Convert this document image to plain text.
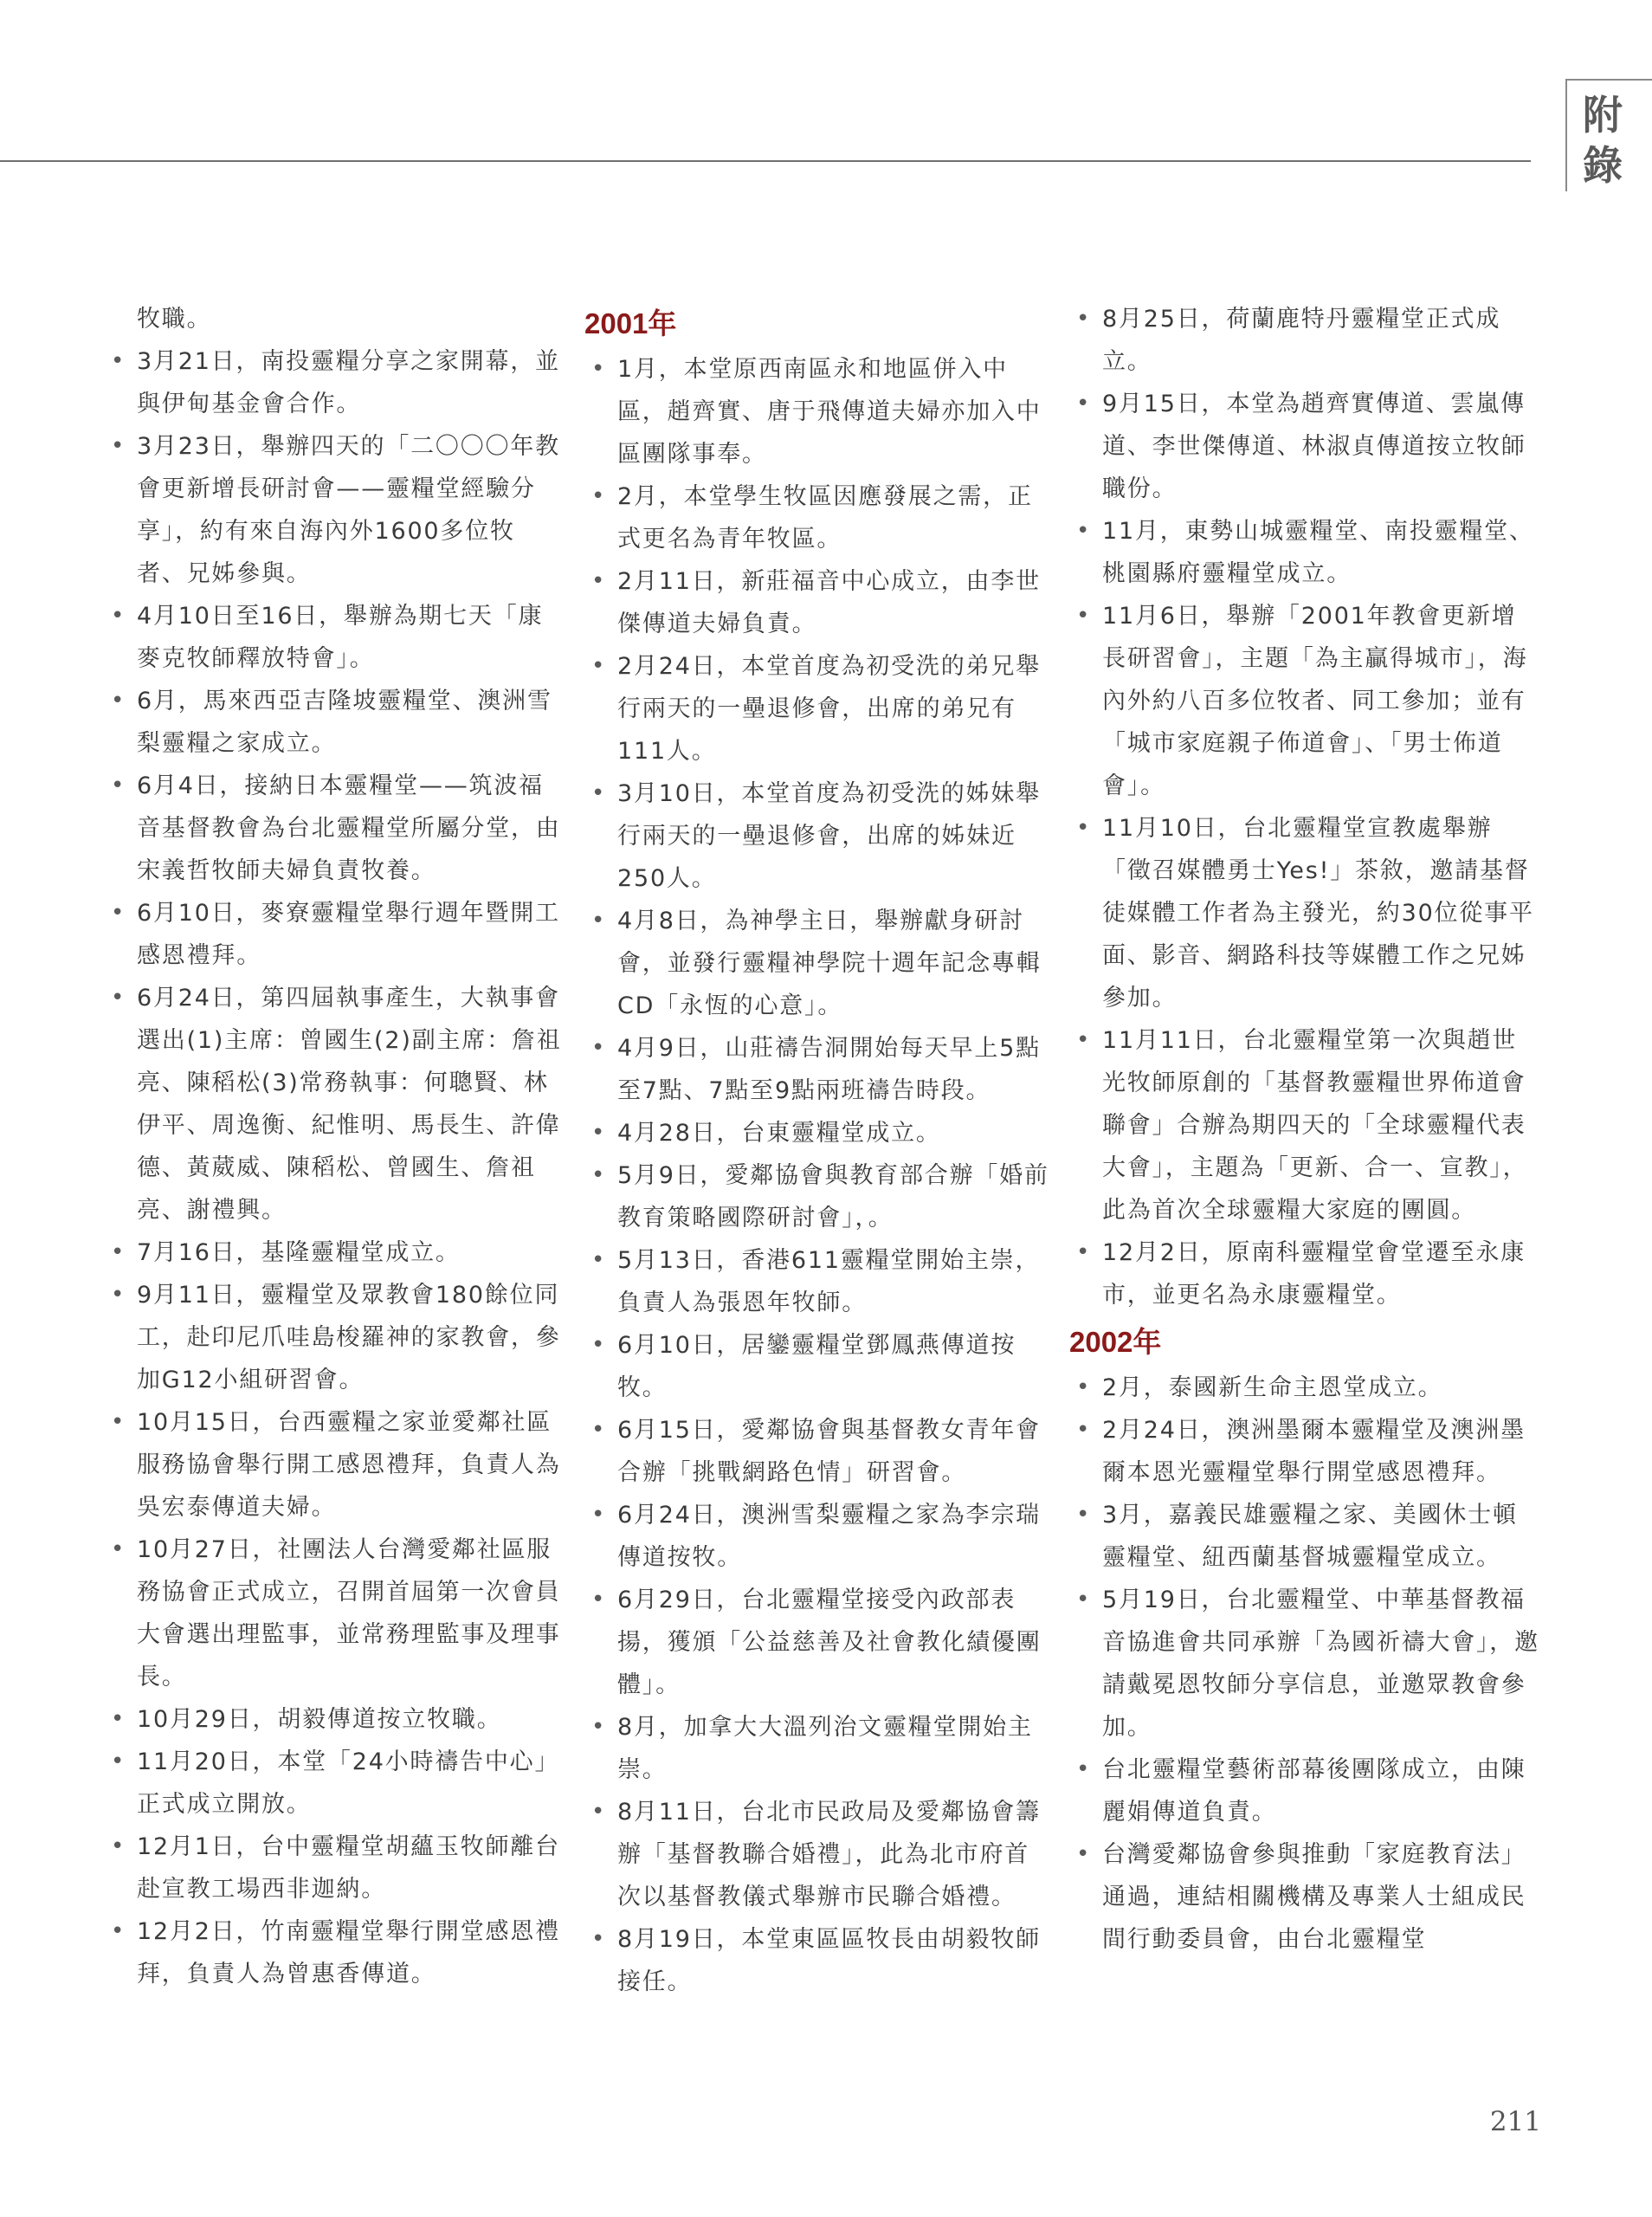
附
錄
牧職。
• 3月21日，南投靈糧分享之家開幕，並與伊甸基金會合作。
• 3月23日，舉辦四天的「二〇〇〇年教會更新增長研討會——靈糧堂經驗分享」，約有來自海內外1600多位牧者、兄姊參與。
• 4月10日至16日，舉辦為期七天「康麥克牧師釋放特會」。
• 6月，馬來西亞吉隆坡靈糧堂、澳洲雪梨靈糧之家成立。
• 6月4日，接納日本靈糧堂——筑波福音基督教會為台北靈糧堂所屬分堂，由宋義哲牧師夫婦負責牧養。
• 6月10日，麥寮靈糧堂舉行週年暨開工感恩禮拜。
• 6月24日，第四屆執事產生，大執事會選出(1)主席：曾國生(2)副主席：詹祖亮、陳稻松(3)常務執事：何聰賢、林伊平、周逸衡、紀惟明、馬長生、許偉德、黃葳威、陳稻松、曾國生、詹祖亮、謝禮興。
• 7月16日，基隆靈糧堂成立。
• 9月11日，靈糧堂及眾教會180餘位同工，赴印尼爪哇島梭羅神的家教會，參加G12小組研習會。
• 10月15日，台西靈糧之家並愛鄰社區服務協會舉行開工感恩禮拜，負責人為吳宏泰傳道夫婦。
• 10月27日，社團法人台灣愛鄰社區服務協會正式成立，召開首屆第一次會員大會選出理監事，並常務理監事及理事長。
• 10月29日，胡毅傳道按立牧職。
• 11月20日，本堂「24小時禱告中心」正式成立開放。
• 12月1日，台中靈糧堂胡蘊玉牧師離台赴宣教工場西非迦納。
• 12月2日，竹南靈糧堂舉行開堂感恩禮拜，負責人為曾惠香傳道。
2001年
• 1月，本堂原西南區永和地區併入中區，趙齊實、唐于飛傳道夫婦亦加入中區團隊事奉。
• 2月，本堂學生牧區因應發展之需，正式更名為青年牧區。
• 2月11日，新莊福音中心成立，由李世傑傳道夫婦負責。
• 2月24日，本堂首度為初受洗的弟兄舉行兩天的一壘退修會，出席的弟兄有111人。
• 3月10日，本堂首度為初受洗的姊妹舉行兩天的一壘退修會，出席的姊妹近250人。
• 4月8日，為神學主日，舉辦獻身研討會，並發行靈糧神學院十週年記念專輯CD「永恆的心意」。
• 4月9日，山莊禱告洞開始每天早上5點至7點、7點至9點兩班禱告時段。
• 4月28日，台東靈糧堂成立。
• 5月9日，愛鄰協會與教育部合辦「婚前教育策略國際研討會」，。
• 5月13日，香港611靈糧堂開始主崇，負責人為張恩年牧師。
• 6月10日，居鑾靈糧堂鄧鳳燕傳道按牧。
• 6月15日，愛鄰協會與基督教女青年會合辦「挑戰網路色情」研習會。
• 6月24日，澳洲雪梨靈糧之家為李宗瑞傳道按牧。
• 6月29日，台北靈糧堂接受內政部表揚，獲頒「公益慈善及社會教化績優團體」。
• 8月，加拿大大溫列治文靈糧堂開始主崇。
• 8月11日，台北市民政局及愛鄰協會籌辦「基督教聯合婚禮」，此為北市府首次以基督教儀式舉辦市民聯合婚禮。
• 8月19日，本堂東區區牧長由胡毅牧師接任。
• 8月25日，荷蘭鹿特丹靈糧堂正式成立。
• 9月15日，本堂為趙齊實傳道、雲嵐傳道、李世傑傳道、林淑貞傳道按立牧師職份。
• 11月，東勢山城靈糧堂、南投靈糧堂、桃園縣府靈糧堂成立。
• 11月6日，舉辦「2001年教會更新增長研習會」，主題「為主贏得城市」，海內外約八百多位牧者、同工參加；並有「城市家庭親子佈道會」、「男士佈道會」。
• 11月10日，台北靈糧堂宣教處舉辦「徵召媒體勇士Yes!」茶敘，邀請基督徒媒體工作者為主發光，約30位從事平面、影音、網路科技等媒體工作之兄姊參加。
• 11月11日，台北靈糧堂第一次與趙世光牧師原創的「基督教靈糧世界佈道會聯會」合辦為期四天的「全球靈糧代表大會」，主題為「更新、合一、宣教」，此為首次全球靈糧大家庭的團圓。
• 12月2日，原南科靈糧堂會堂遷至永康市，並更名為永康靈糧堂。
2002年
• 2月，泰國新生命主恩堂成立。
• 2月24日，澳洲墨爾本靈糧堂及澳洲墨爾本恩光靈糧堂舉行開堂感恩禮拜。
• 3月，嘉義民雄靈糧之家、美國休士頓靈糧堂、紐西蘭基督城靈糧堂成立。
• 5月19日，台北靈糧堂、中華基督教福音協進會共同承辦「為國祈禱大會」，邀請戴冕恩牧師分享信息，並邀眾教會參加。
• 台北靈糧堂藝術部幕後團隊成立，由陳麗娟傳道負責。
• 台灣愛鄰協會參與推動「家庭教育法」通過，連結相關機構及專業人士組成民間行動委員會，由台北靈糧堂
211
